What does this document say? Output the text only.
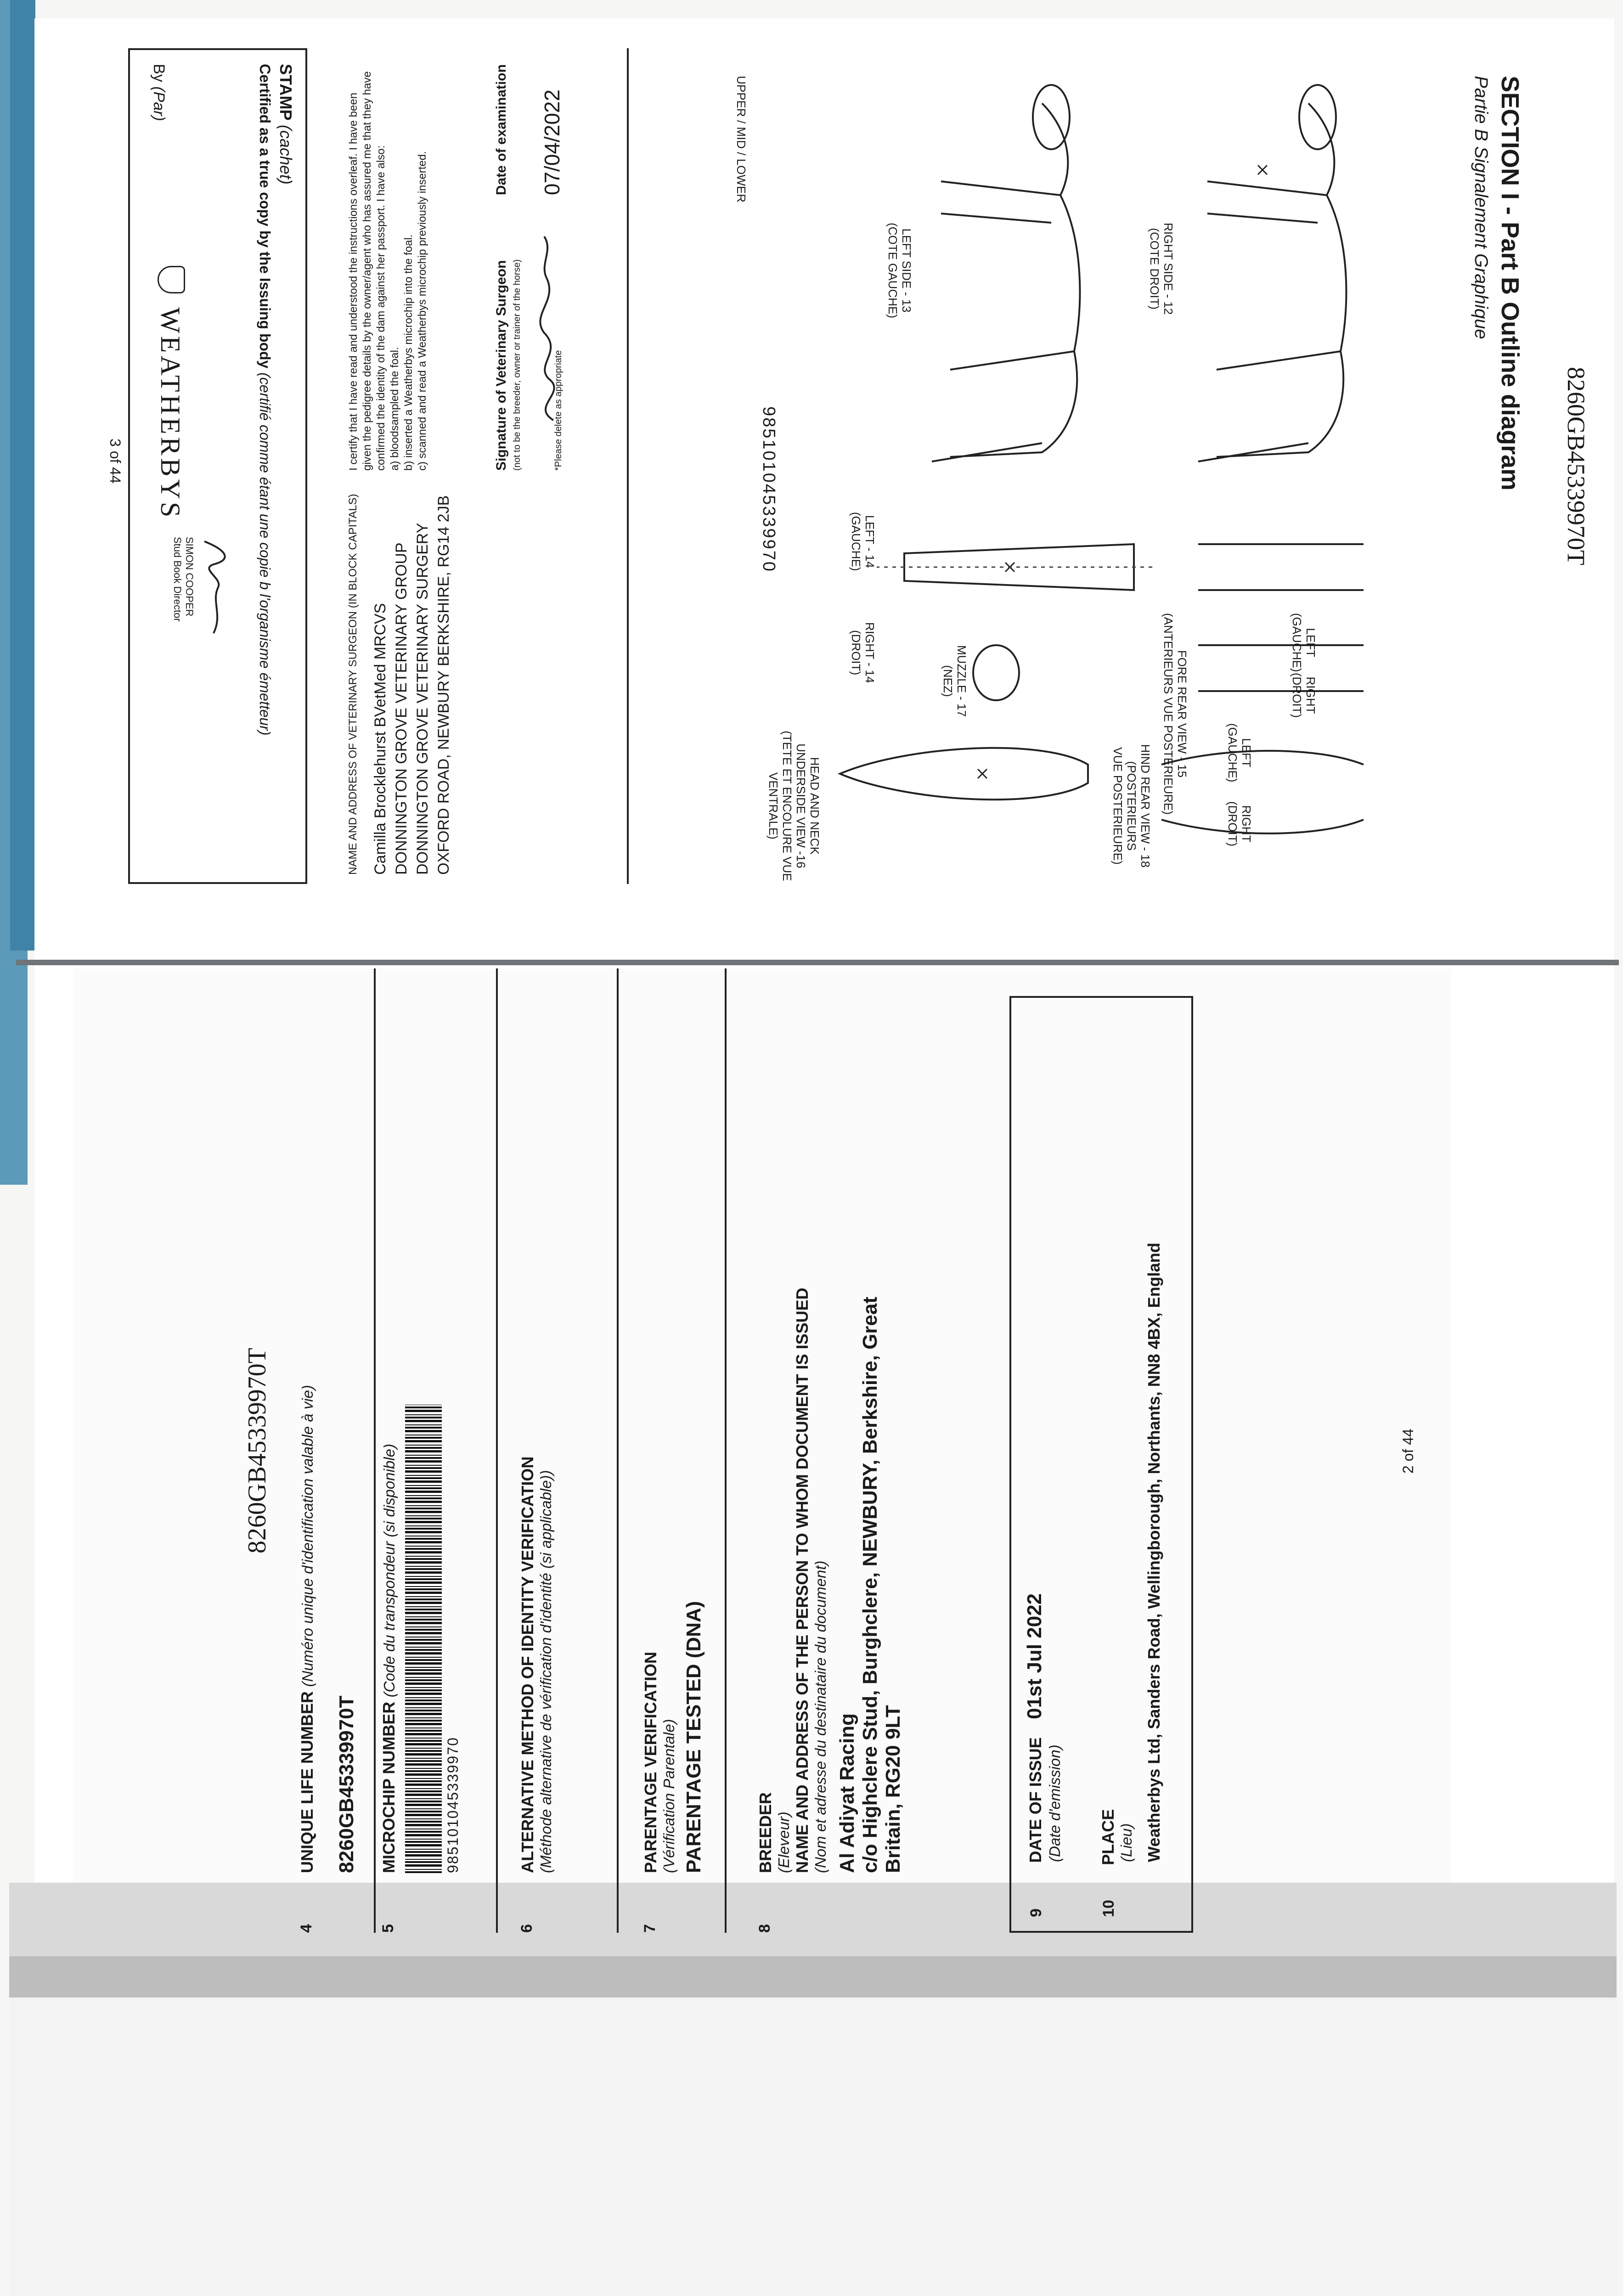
8260GB45339970T
4
UNIQUE LIFE NUMBER (Numéro unique d'identification valable à vie)
8260GB45339970T
5
MICROCHIP NUMBER (Code du transpondeur (si disponible)
985101045339970
6
ALTERNATIVE METHOD OF IDENTITY VERIFICATION (Méthode alternative de vérification d'identité (si applicable))
7
PARENTAGE VERIFICATION (Vérification Parentale) PARENTAGE TESTED (DNA)
8
BREEDER (Eleveur) NAME AND ADDRESS OF THE PERSON TO WHOM DOCUMENT IS ISSUED (Nom et adresse du destinataire du document) Al Adiyat Racing c/o Highclere Stud, Burghclere, NEWBURY, Berkshire, Great Britain, RG20 9LT
9 DATE OF ISSUE 01st Jul 2022
(Date d'emission)
10 PLACE (Lieu) Weatherbys Ltd, Sanders Road, Wellingborough, Northants, NN8 4BX, England	2 of 44
8260GB45339970T
SECTION I - Part B Outline diagram
Partie B Signalement Graphique
RIGHT SIDE - 12
(COTE DROIT)
LEFT SIDE - 13
(COTE GAUCHE)
LEFT - 14
(GAUCHE)
RIGHT - 14
(DROIT)	FORE REAR VIEW - 15
(ANTERIEURS VUE POSTERIEURE)
HIND REAR VIEW - 18 (POSTERIEURS
VUE POSTERIEURE)
MUZZLE - 17
(NEZ)
HEAD AND NECK UNDERSIDE VIEW -16
(TETE ET ENCOLURE VUE VENTRALE)
LEFT
(GAUCHE)
RIGHT
(DROIT)
LEFT
(GAUCHE)
RIGHT
(DROIT)
UPPER / MID / LOWER
985101045339970
NAME AND ADDRESS OF VETERINARY SURGEON (IN BLOCK CAPITALS) Camilla Brocklehurst BVetMed MRCVS DONNINGTON GROVE VETERINARY GROUP DONNINGTON GROVE VETERINARY SURGERY OXFORD ROAD, NEWBURY BERKSHIRE, RG14 2JB
I certify that I have read and understood the instructions overleaf. I have been given the pedigree details by the owner/agent who has assured me that they have confirmed the identity of the dam against her passport. I have also: a) bloodsampled the foal. b) inserted a Weatherbys microchip into the foal. c) scanned and read a Weatherbys microchip previously inserted.	Signature of Veterinary Surgeon (not to be the breeder, owner or trainer of the horse)	*Please delete as appropriate
Date of examination 07/04/2022
STAMP (cachet)
Certified as a true copy by the Issuing body (certifié comme étant une copie b l'organisme émetteur)
By (Par)
WEATHERBYS
SIMON COOPER
Stud Book Director
3 of 44
